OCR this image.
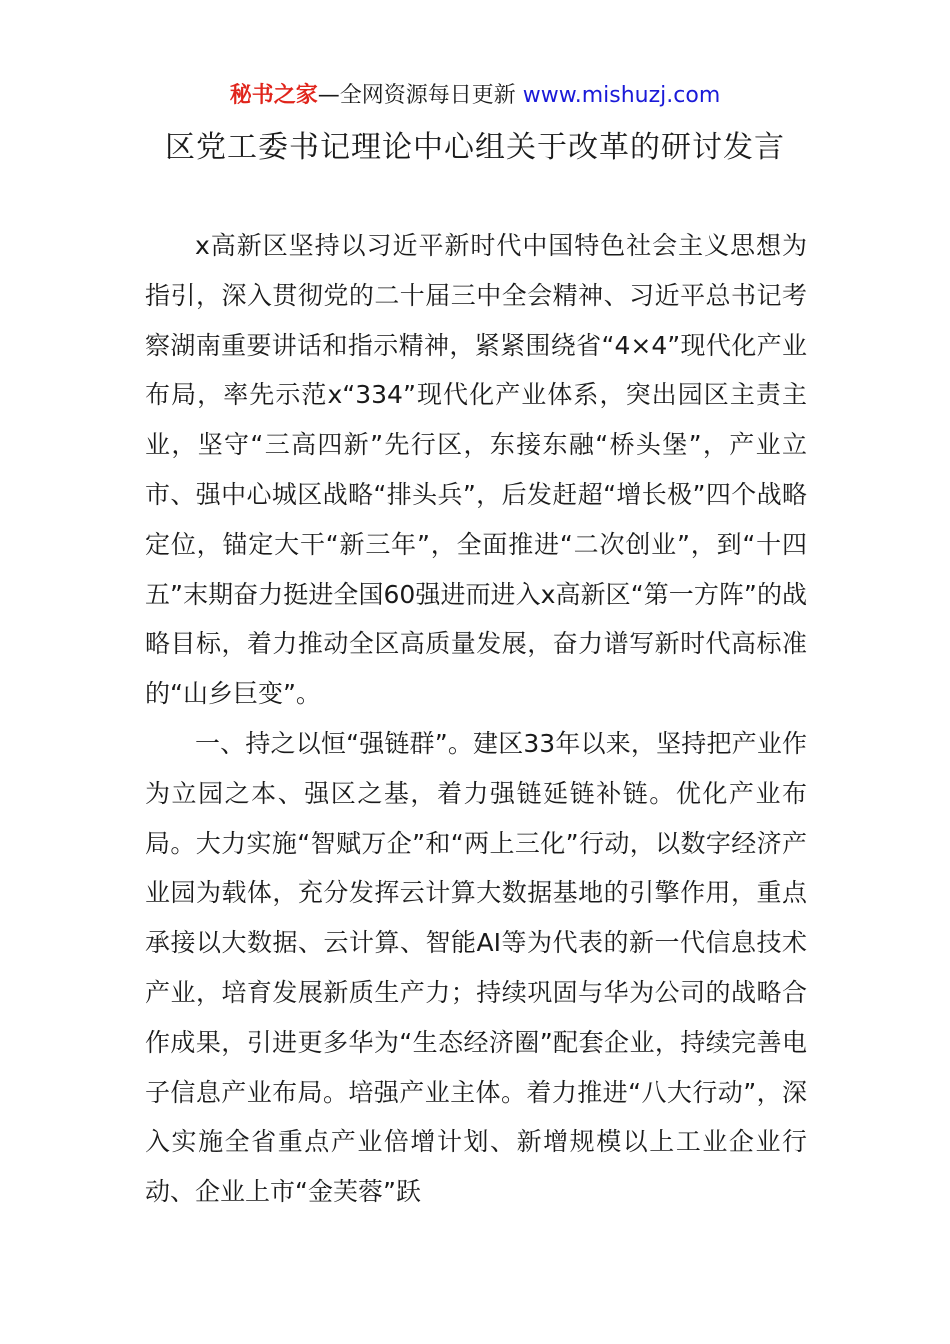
秘书之家—全网资源每日更新 www.mishuzj.com
区党工委书记理论中心组关于改革的研讨发言

x高新区坚持以习近平新时代中国特色社会主义思想为指引，深入贯彻党的二十届三中全会精神、习近平总书记考察湖南重要讲话和指示精神，紧紧围绕省“4×4”现代化产业布局，率先示范x“334”现代化产业体系，突出园区主责主业，坚守“三高四新”先行区，东接东融“桥头堡”，产业立市、强中心城区战略“排头兵”，后发赶超“增长极”四个战略定位，锚定大干“新三年”，全面推进“二次创业”，到“十四五”末期奋力挺进全国60强进而进入x高新区“第一方阵”的战略目标，着力推动全区高质量发展，奋力谱写新时代高标准的“山乡巨变”。

一、持之以恒“强链群”。建区33年以来，坚持把产业作为立园之本、强区之基，着力强链延链补链。优化产业布局。大力实施“智赋万企”和“两上三化”行动，以数字经济产业园为载体，充分发挥云计算大数据基地的引擎作用，重点承接以大数据、云计算、智能AI等为代表的新一代信息技术产业，培育发展新质生产力；持续巩固与华为公司的战略合作成果，引进更多华为“生态经济圈”配套企业，持续完善电子信息产业布局。培强产业主体。着力推进“八大行动”，深入实施全省重点产业倍增计划、新增规模以上工业企业行动、企业上市“金芙蓉”跃
